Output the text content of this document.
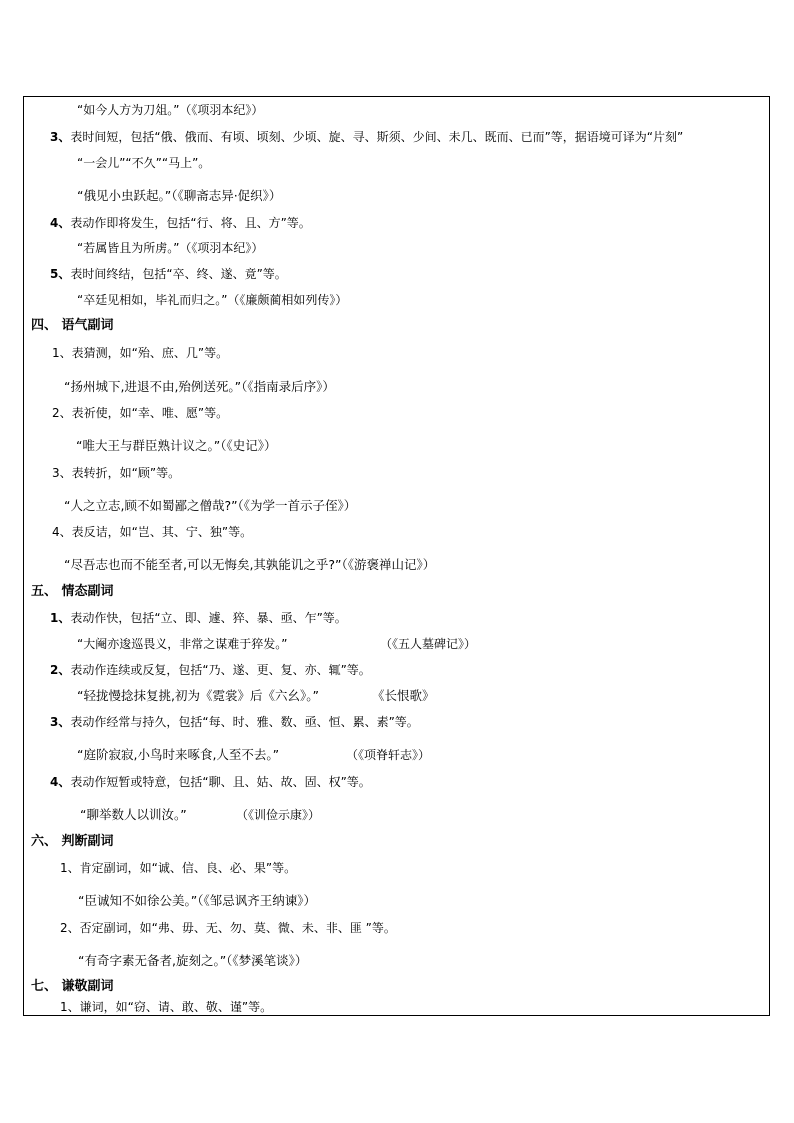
“如今人方为刀俎。”（《项羽本纪》）
3、表时间短，包括“俄、俄而、有顷、顷刻、少顷、旋、寻、斯须、少间、未几、既而、已而”等，据语境可译为“片刻”
“一会儿”“不久”“马上”。
“俄见小虫跃起。”（《聊斋志异·促织》）
4、表动作即将发生，包括“行、将、且、方”等。
“若属皆且为所虏。”（《项羽本纪》）
5、表时间终结，包括“卒、终、遂、竟”等。
“卒廷见相如，毕礼而归之。”（《廉颇蔺相如列传》）
四、 语气副词
1、表猜测，如“殆、庶、几”等。
“扬州城下,进退不由,殆例送死。”（《指南录后序》）
2、表祈使，如“幸、唯、愿”等。
“唯大王与群臣熟计议之。”（《史记》）
3、表转折，如“顾”等。
“人之立志,顾不如蜀鄙之僧哉?”（《为学一首示子侄》）
4、表反诘，如“岂、其、宁、独”等。
“尽吾志也而不能至者,可以无悔矣,其孰能讥之乎?”（《游褒禅山记》）
五、 情态副词
1、表动作快，包括“立、即、遽、猝、暴、亟、乍”等。
“大阉亦逡巡畏义，非常之谋难于猝发。”	（《五人墓碑记》）
2、表动作连续或反复，包括“乃、遂、更、复、亦、辄”等。
“轻拢慢捻抹复挑,初为《霓裳》后《六幺》。”	《长恨歌》
3、表动作经常与持久，包括“每、时、雅、数、亟、恒、累、素”等。
“庭阶寂寂,小鸟时来啄食,人至不去。”	（《项脊轩志》）
4、表动作短暂或特意，包括“聊、且、姑、故、固、权”等。
“聊举数人以训汝。”	（《训俭示康》）
六、 判断副词
1、肯定副词，如“诚、信、良、必、果”等。
“臣诚知不如徐公美。”（《邹忌讽齐王纳谏》）
2、否定副词，如“弗、毋、无、勿、莫、微、未、非、匪 ”等。
“有奇字素无备者,旋刻之。”（《梦溪笔谈》）
七、 谦敬副词
1、谦词，如“窃、请、敢、敬、谨”等。
